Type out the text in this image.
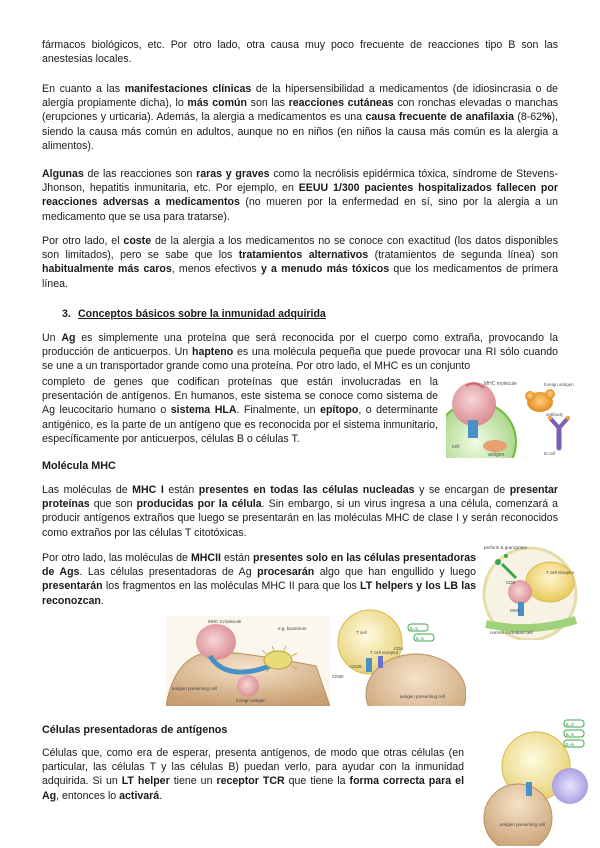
fármacos biológicos, etc. Por otro lado, otra causa muy poco frecuente de reacciones tipo B son las anestesias locales.

En cuanto a las manifestaciones clínicas de la hipersensibilidad a medicamentos (de idiosincrasia o de alergia propiamente dicha), lo más común son las reacciones cutáneas con ronchas elevadas o manchas (erupciones y urticaria). Además, la alergia a medicamentos es una causa frecuente de anafilaxia (8-62%), siendo la causa más común en adultos, aunque no en niños (en niños la causa más común es la alergia a alimentos).

Algunas de las reacciones son raras y graves como la necrólisis epidérmica tóxica, síndrome de Stevens-Jhonson, hepatitis inmunitaria, etc. Por ejemplo, en EEUU 1/300 pacientes hospitalizados fallecen por reacciones adversas a medicamentos (no mueren por la enfermedad en sí, sino por la alergia a un medicamento que se usa para tratarse).

Por otro lado, el coste de la alergia a los medicamentos no se conoce con exactitud (los datos disponibles son limitados), pero se sabe que los tratamientos alternativos (tratamientos de segunda línea) son habitualmente más caros, menos efectivos y a menudo más tóxicos que los medicamentos de primera línea.

3. Conceptos básicos sobre la inmunidad adquirida

Un Ag es simplemente una proteína que será reconocida por el cuerpo como extraña, provocando la producción de anticuerpos. Un hapteno es una molécula pequeña que puede provocar una RI sólo cuando se une a un transportador grande como una proteína. Por otro lado, el MHC es un conjunto

completo de genes que codifican proteínas que están involucradas en la presentación de antígenos. En humanos, este sistema se conoce como sistema de Ag leucocitario humano o sistema HLA. Finalmente, un epítopo, o determinante antigénico, es la parte de un antígeno que es reconocida por el sistema inmunitario, específicamente por anticuerpos, células B o células T.

MHC molecule
cell
antigen
foreign antigen
antibody
B cell

Molécula MHC

Las moléculas de MHC I están presentes en todas las células nucleadas y se encargan de presentar proteínas que son producidas por la célula. Sin embargo, si un virus ingresa a una célula, comenzará a producir antígenos extraños que luego se presentarán en las moléculas MHC de clase I y serán reconocidos como extraños por las células T citotóxicas.

Por otro lado, las moléculas de MHCII están presentes solo en las células presentadoras de Ags. Las células presentadoras de Ag procesarán algo que han engullido y luego presentarán los fragmentos en las moléculas MHC II para que los LT helpers y los LB las reconozcan.

perforin & granzymes
CD8
T cell receptor
MHC I
normal nucleated cell
MHC II molecule
e.g. bacterium
antigen presenting cell
foreign antigen
IL-2
IL-4
T cell
CD4
T cell receptor
CD80
CD28
antigen presenting cell

Células presentadoras de antígenos

Células que, como era de esperar, presenta antígenos, de modo que otras células (en particular, las células T y las células B) puedan verlo, para ayudar con la inmunidad adquirida. Si un LT helper tiene un receptor TCR que tiene la forma correcta para el Ag, entonces lo activará.

IL-2
IL-4
IL-6
antigen presenting cell
